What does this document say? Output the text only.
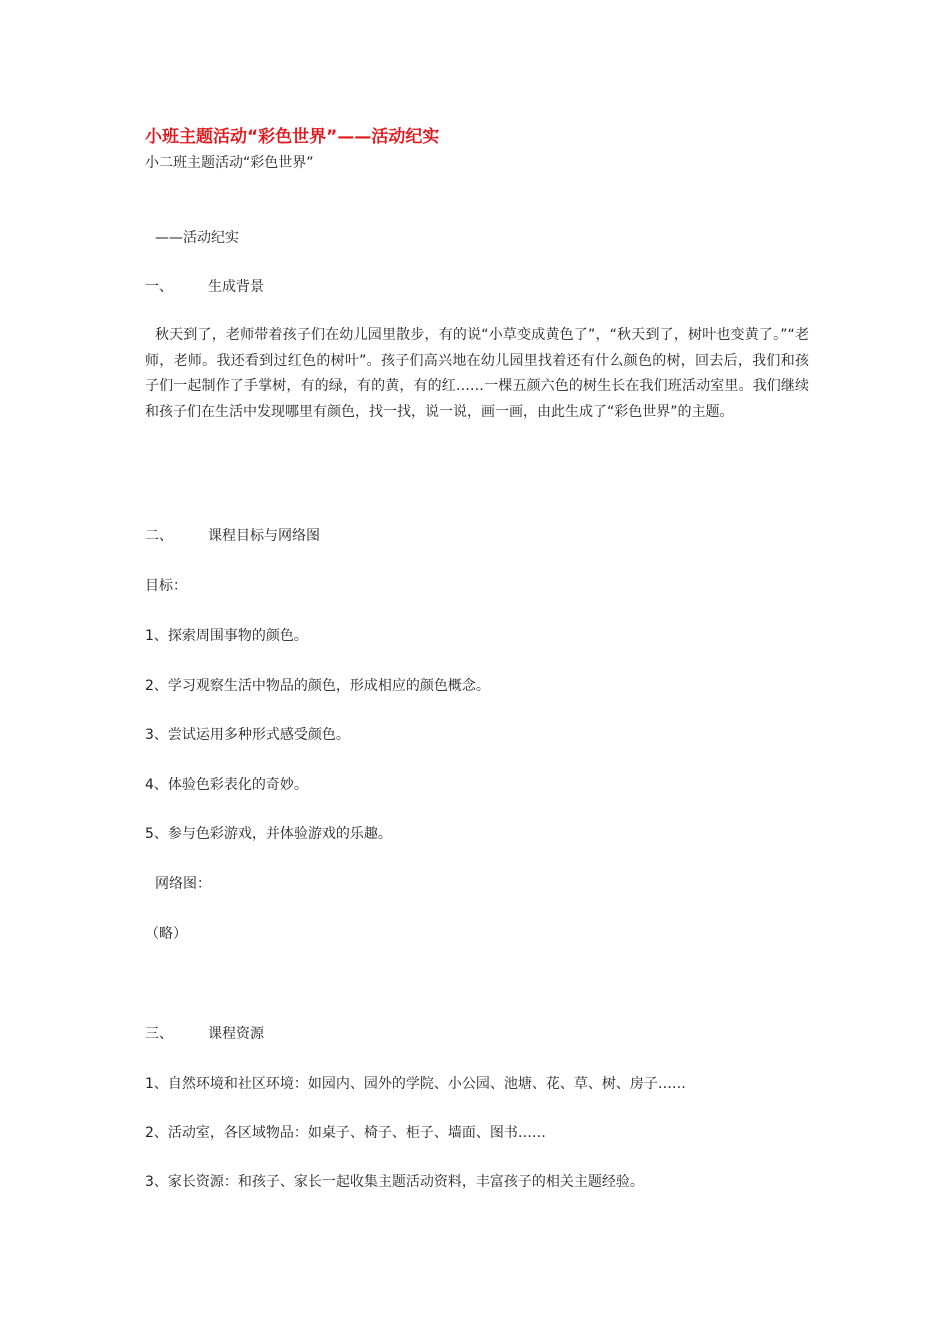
小班主题活动“彩色世界”——活动纪实
小二班主题活动“彩色世界”
——活动纪实
一、	生成背景
秋天到了，老师带着孩子们在幼儿园里散步，有的说“小草变成黄色了”，“秋天到了，树叶也变黄了。”“老师，老师。我还看到过红色的树叶”。孩子们高兴地在幼儿园里找着还有什么颜色的树，回去后，我们和孩子们一起制作了手掌树，有的绿，有的黄，有的红……一棵五颜六色的树生长在我们班活动室里。我们继续和孩子们在生活中发现哪里有颜色，找一找，说一说，画一画，由此生成了“彩色世界”的主题。
二、	课程目标与网络图
目标：
1、探索周围事物的颜色。
2、学习观察生活中物品的颜色，形成相应的颜色概念。
3、尝试运用多种形式感受颜色。
4、体验色彩表化的奇妙。
5、参与色彩游戏，并体验游戏的乐趣。
网络图：
（略）
三、	课程资源
1、自然环境和社区环境：如园内、园外的学院、小公园、池塘、花、草、树、房子……
2、活动室，各区域物品：如桌子、椅子、柜子、墙面、图书……
3、家长资源：和孩子、家长一起收集主题活动资料，丰富孩子的相关主题经验。
